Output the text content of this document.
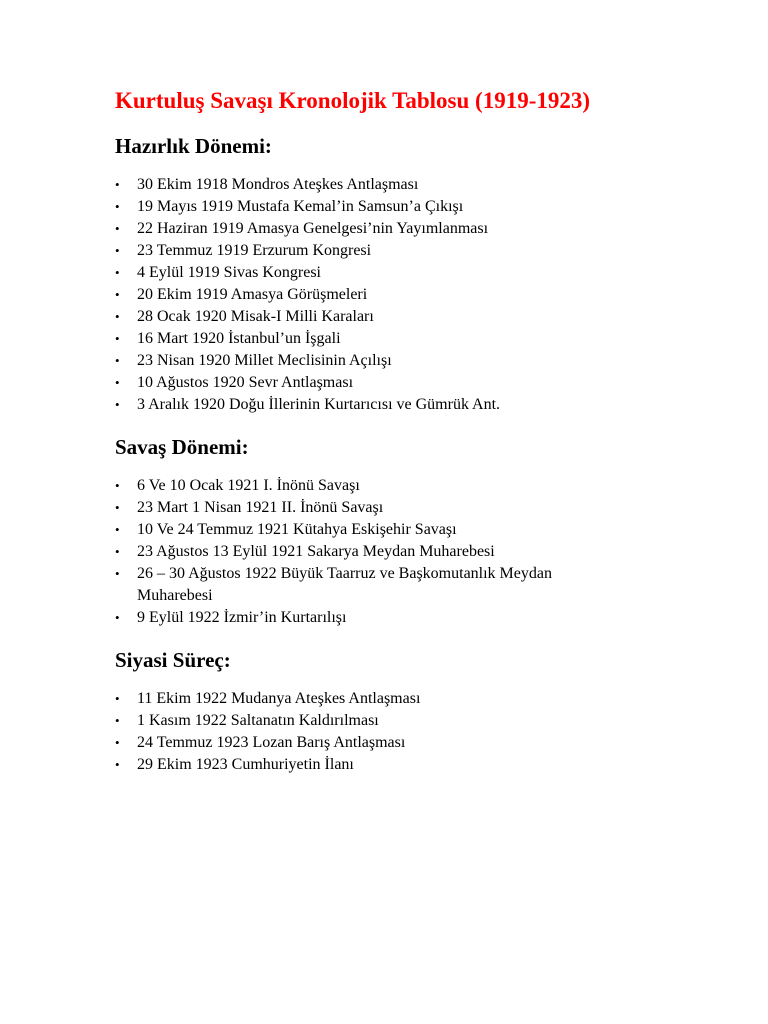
Kurtuluş Savaşı Kronolojik Tablosu (1919-1923)
Hazırlık Dönemi:
• 30 Ekim 1918 Mondros Ateşkes Antlaşması
• 19 Mayıs 1919 Mustafa Kemal’in Samsun’a Çıkışı
• 22 Haziran 1919 Amasya Genelgesi’nin Yayımlanması
• 23 Temmuz 1919 Erzurum Kongresi
• 4 Eylül 1919 Sivas Kongresi
• 20 Ekim 1919 Amasya Görüşmeleri
• 28 Ocak 1920 Misak-I Milli Karaları
• 16 Mart 1920 İstanbul’un İşgali
• 23 Nisan 1920 Millet Meclisinin Açılışı
• 10 Ağustos 1920 Sevr Antlaşması
• 3 Aralık 1920 Doğu İllerinin Kurtarıcısı ve Gümrük Ant.
Savaş Dönemi:
• 6 Ve 10 Ocak 1921 I. İnönü Savaşı
• 23 Mart 1 Nisan 1921 II. İnönü Savaşı
• 10 Ve 24 Temmuz 1921 Kütahya Eskişehir Savaşı
• 23 Ağustos 13 Eylül 1921 Sakarya Meydan Muharebesi
• 26 – 30 Ağustos 1922 Büyük Taarruz ve Başkomutanlık Meydan Muharebesi
• 9 Eylül 1922 İzmir’in Kurtarılışı
Siyasi Süreç:
• 11 Ekim 1922 Mudanya Ateşkes Antlaşması
• 1 Kasım 1922 Saltanatın Kaldırılması
• 24 Temmuz 1923 Lozan Barış Antlaşması
• 29 Ekim 1923 Cumhuriyetin İlanı
